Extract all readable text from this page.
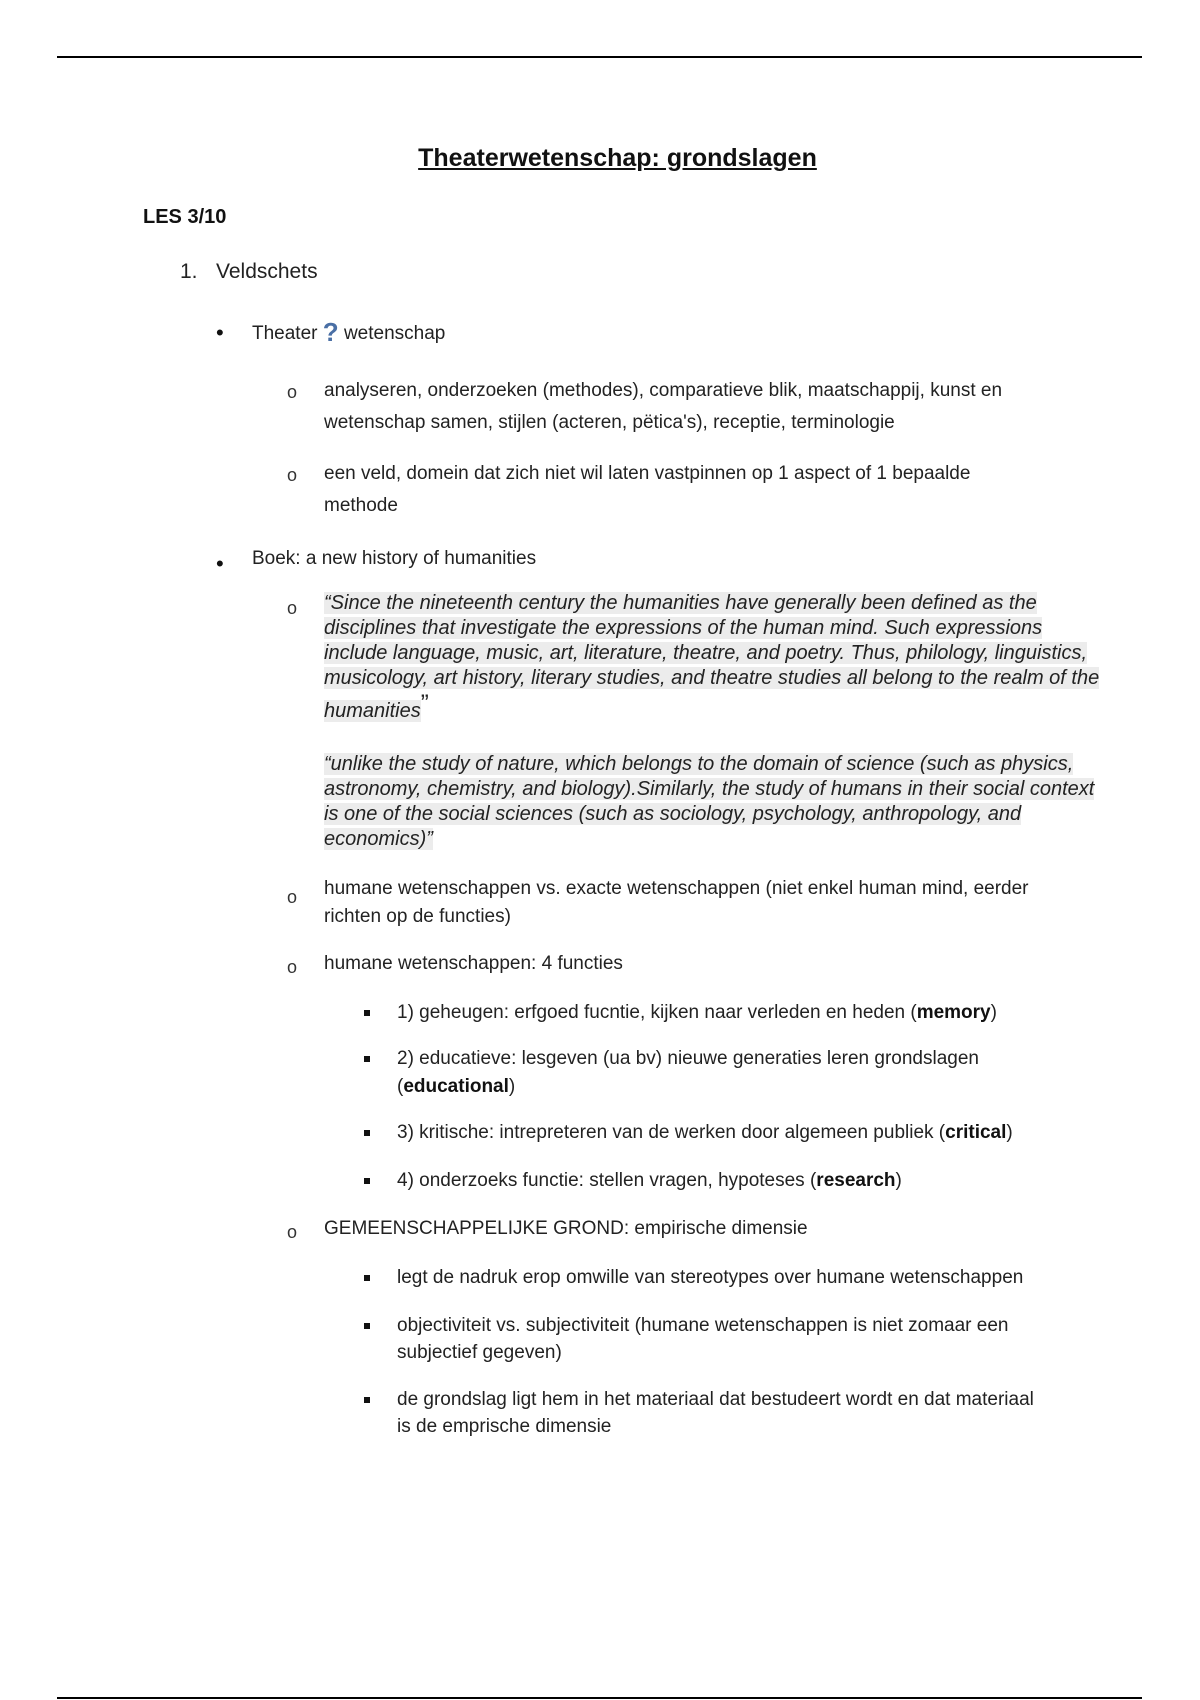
Theaterwetenschap: grondslagen
LES 3/10
1. Veldschets
• Theater ? wetenschap
o analyseren, onderzoeken (methodes), comparatieve blik, maatschappij, kunst en
wetenschap samen, stijlen (acteren, pëtica's), receptie, terminologie
o een veld, domein dat zich niet wil laten vastpinnen op 1 aspect of 1 bepaalde
methode
• Boek: a new history of humanities
o “Since the nineteenth century the humanities have generally been defined as the disciplines that investigate the expressions of the human mind. Such expressions include language, music, art, literature, theatre, and poetry. Thus, philology, linguistics, musicology, art history, literary studies, and theatre studies all belong to the realm of the humanities”
“unlike the study of nature, which belongs to the domain of science (such as physics, astronomy, chemistry, and biology).Similarly, the study of humans in their social context is one of the social sciences (such as sociology, psychology, anthropology, and economics)”
o humane wetenschappen vs. exacte wetenschappen (niet enkel human mind, eerder
richten op de functies)
o humane wetenschappen: 4 functies
1) geheugen: erfgoed fucntie, kijken naar verleden en heden (memory)
2) educatieve: lesgeven (ua bv) nieuwe generaties leren grondslagen
(educational)
3) kritische: intrepreteren van de werken door algemeen publiek (critical)
4) onderzoeks functie: stellen vragen, hypoteses (research)
o GEMEENSCHAPPELIJKE GROND: empirische dimensie
legt de nadruk erop omwille van stereotypes over humane wetenschappen
objectiviteit vs. subjectiviteit (humane wetenschappen is niet zomaar een
subjectief gegeven)
de grondslag ligt hem in het materiaal dat bestudeert wordt en dat materiaal
is de emprische dimensie
